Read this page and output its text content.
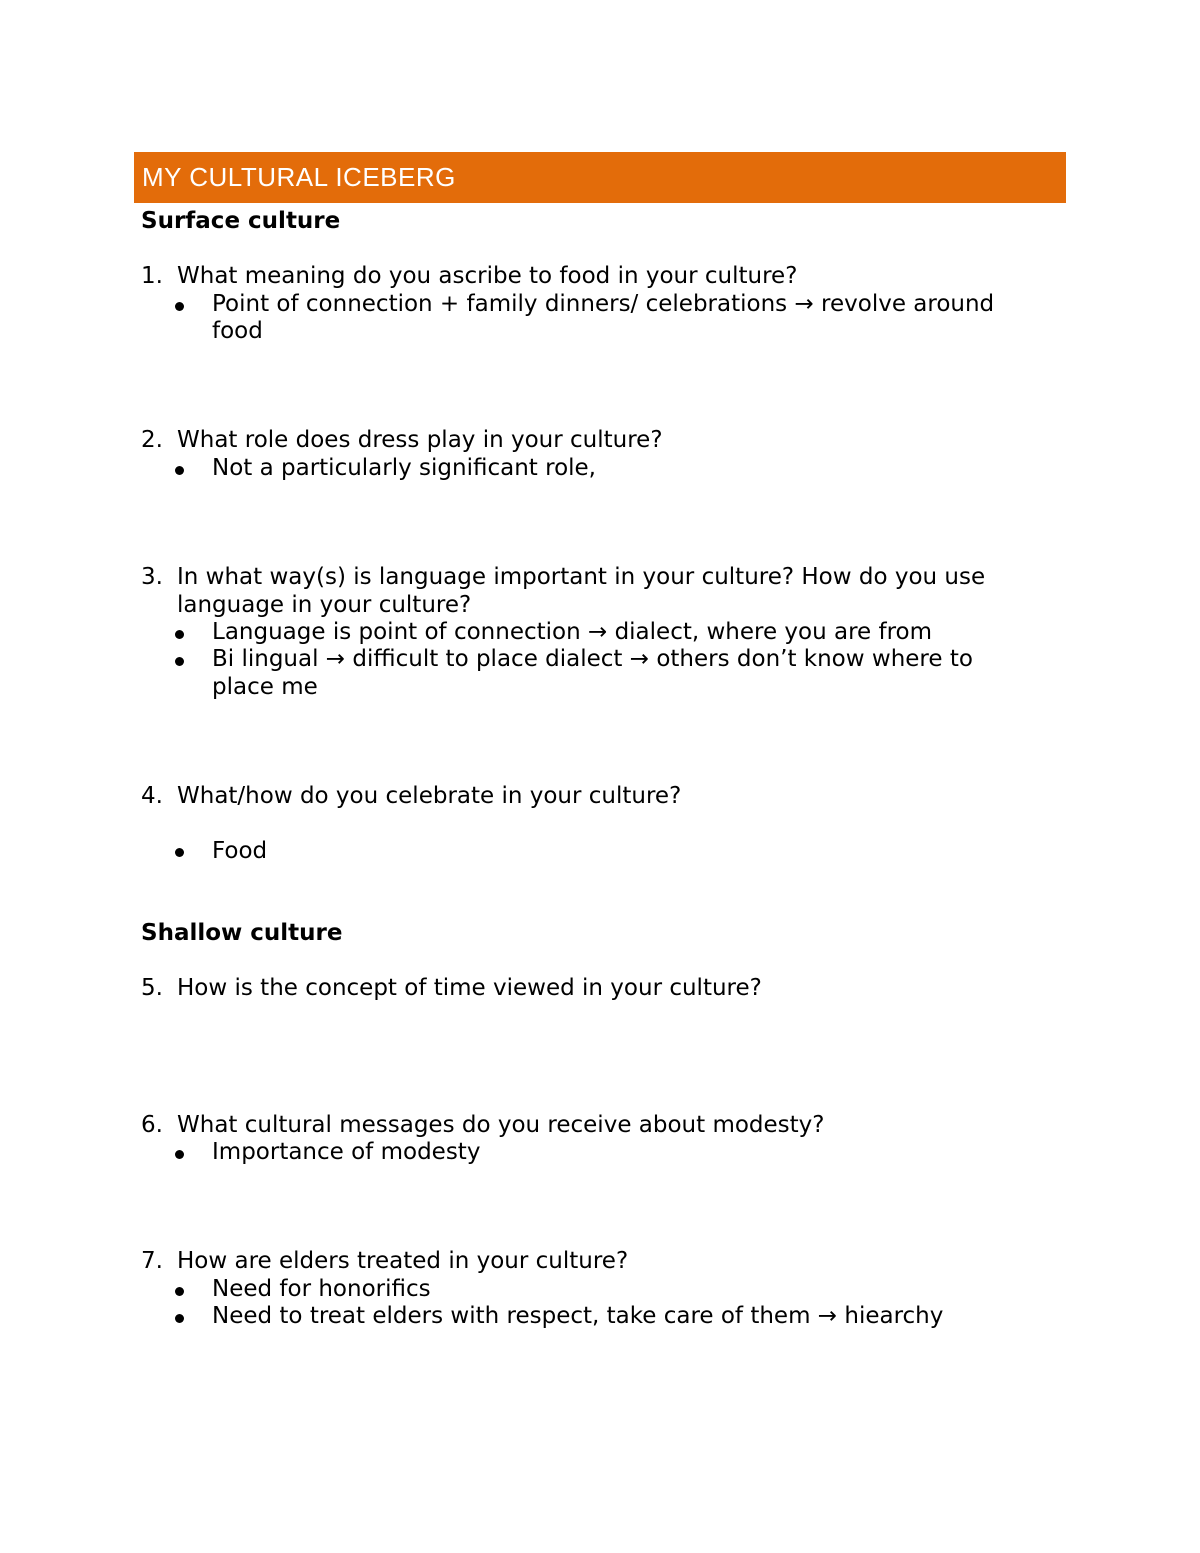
MY CULTURAL ICEBERG
Surface culture
1. What meaning do you ascribe to food in your culture?
Point of connection + family dinners/ celebrations → revolve around
food
2. What role does dress play in your culture?
Not a particularly significant role,
3. In what way(s) is language important in your culture? How do you use
language in your culture?
Language is point of connection → dialect, where you are from
Bi lingual → difficult to place dialect → others don’t know where to
place me
4. What/how do you celebrate in your culture?
Food
Shallow culture
5. How is the concept of time viewed in your culture?
6. What cultural messages do you receive about modesty?
Importance of modesty
7. How are elders treated in your culture?
Need for honorifics
Need to treat elders with respect, take care of them → hiearchy
